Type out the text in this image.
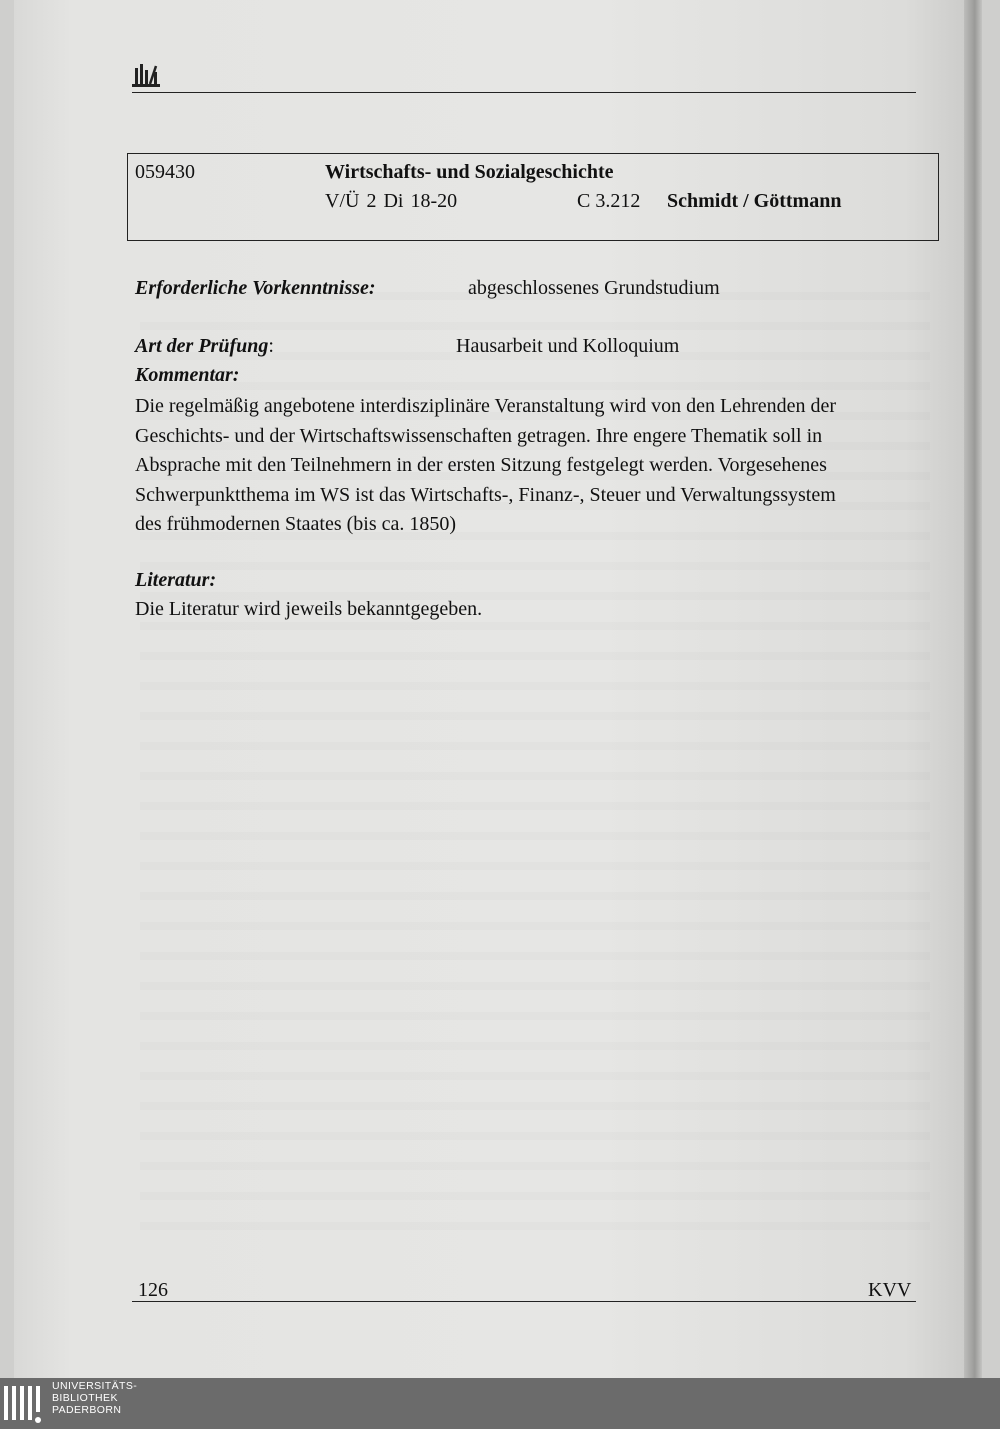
059430	Wirtschafts- und Sozialgeschichte
V/Ü 2 Di 18-20	C 3.212 Schmidt / Göttmann
Erforderliche Vorkenntnisse:	abgeschlossenes Grundstudium
Art der Prüfung:	Hausarbeit und Kolloquium
Kommentar:
Die regelmäßig angebotene interdisziplinäre Veranstaltung wird von den Lehrenden der
Geschichts- und der Wirtschaftswissenschaften getragen. Ihre engere Thematik soll in
Absprache mit den Teilnehmern in der ersten Sitzung festgelegt werden. Vorgesehenes
Schwerpunktthema im WS ist das Wirtschafts-, Finanz-, Steuer und Verwaltungssystem
des frühmodernen Staates (bis ca. 1850)
Literatur:
Die Literatur wird jeweils bekanntgegeben.
126	KVV
UNIVERSITÄTS-
BIBLIOTHEK
PADERBORN
